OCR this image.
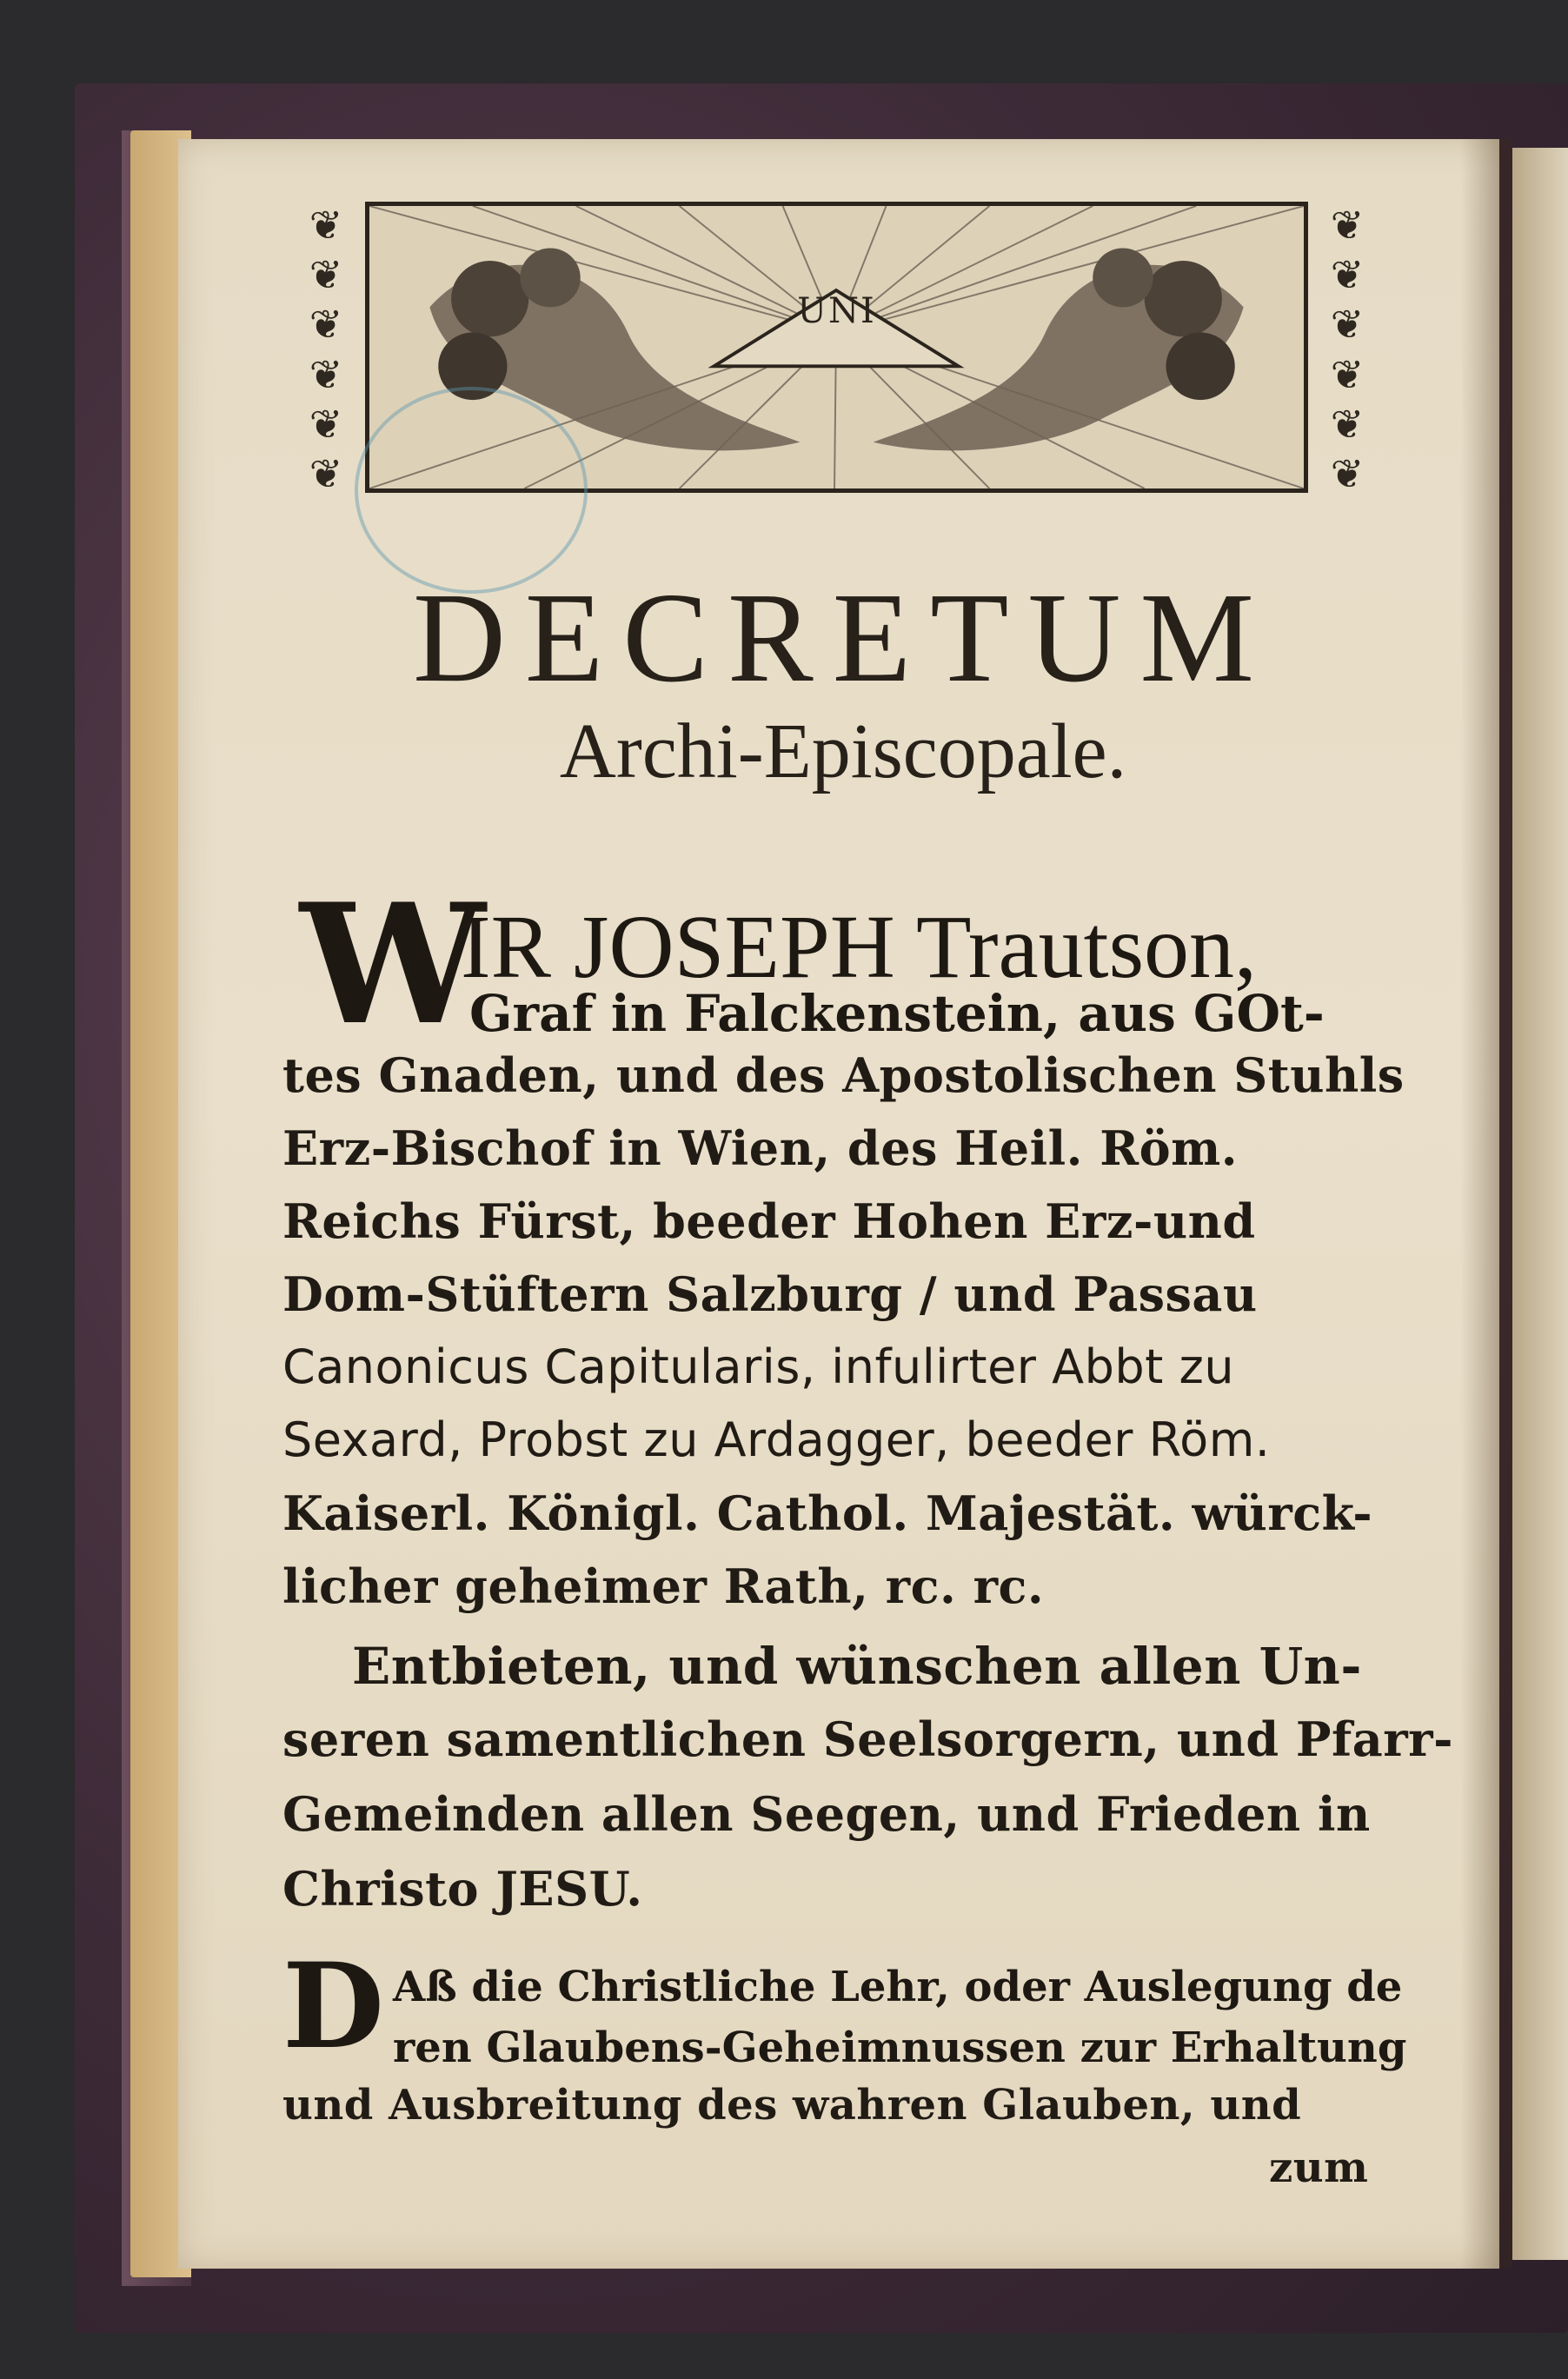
❦
❦
❦
❦
❦
❦
❦
❦
❦
❦
❦
❦
UNI
DECRETUM
Archi-Episcopale.
W
IR JOSEPH Trautson,
Graf in Falckenstein, aus GOt-
tes Gnaden, und des Apostolischen Stuhls
Erz-Bischof in Wien, des Heil. Röm.
Reichs Fürst, beeder Hohen Erz-und
Dom-Stüftern Salzburg / und Passau
Canonicus Capitularis, infulirter Abbt zu
Sexard, Probst zu Ardagger, beeder Röm.
Kaiserl. Königl. Cathol. Majestät. würck-
licher geheimer Rath, rc. rc.
Entbieten, und wünschen allen Un-
seren samentlichen Seelsorgern, und Pfarr-
Gemeinden allen Seegen, und Frieden in
Christo JESU.
D Aß die Christliche Lehr, oder Auslegung de
ren Glaubens-Geheimnussen zur Erhaltung
und Ausbreitung des wahren Glauben, und
zum
